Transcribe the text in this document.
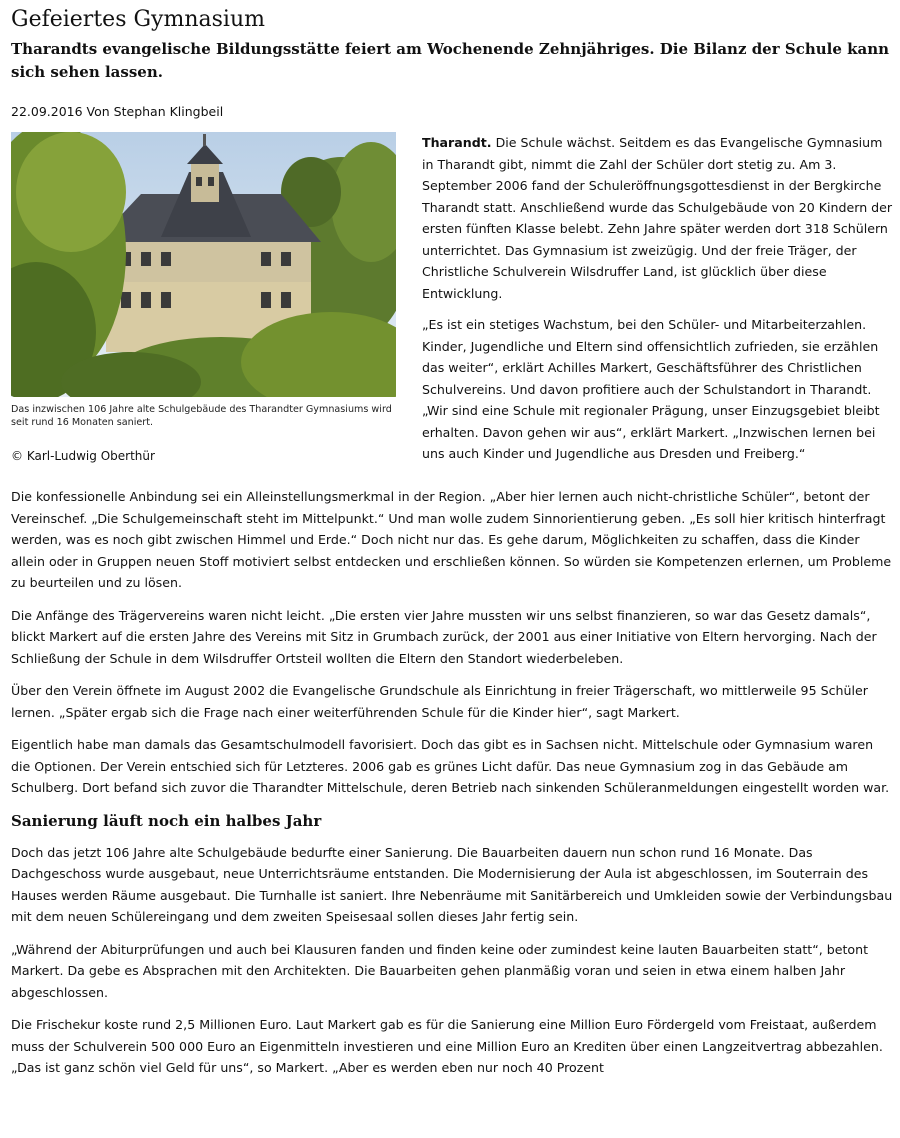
Gefeiertes Gymnasium
Tharandts evangelische Bildungsstätte feiert am Wochenende Zehnjähriges. Die Bilanz der Schule kann sich sehen lassen.
22.09.2016 Von Stephan Klingbeil
Das inzwischen 106 Jahre alte Schulgebäude des Tharandter Gymnasiums wird seit rund 16 Monaten saniert.
© Karl-Ludwig Oberthür

Tharandt. Die Schule wächst. Seitdem es das Evangelische Gymnasium in Tharandt gibt, nimmt die Zahl der Schüler dort stetig zu. Am 3. September 2006 fand der Schuleröffnungsgottesdienst in der Bergkirche Tharandt statt. Anschließend wurde das Schulgebäude von 20 Kindern der ersten fünften Klasse belebt. Zehn Jahre später werden dort 318 Schülern unterrichtet. Das Gymnasium ist zweizügig. Und der freie Träger, der Christliche Schulverein Wilsdruffer Land, ist glücklich über diese Entwicklung.

„Es ist ein stetiges Wachstum, bei den Schüler- und Mitarbeiterzahlen. Kinder, Jugendliche und Eltern sind offensichtlich zufrieden, sie erzählen das weiter“, erklärt Achilles Markert, Geschäftsführer des Christlichen Schulvereins. Und davon profitiere auch der Schulstandort in Tharandt. „Wir sind eine Schule mit regionaler Prägung, unser Einzugsgebiet bleibt erhalten. Davon gehen wir aus“, erklärt Markert. „Inzwischen lernen bei uns auch Kinder und Jugendliche aus Dresden und Freiberg.“

Die konfessionelle Anbindung sei ein Alleinstellungsmerkmal in der Region. „Aber hier lernen auch nicht-christliche Schüler“, betont der Vereinschef. „Die Schulgemeinschaft steht im Mittelpunkt.“ Und man wolle zudem Sinnorientierung geben. „Es soll hier kritisch hinterfragt werden, was es noch gibt zwischen Himmel und Erde.“ Doch nicht nur das. Es gehe darum, Möglichkeiten zu schaffen, dass die Kinder allein oder in Gruppen neuen Stoff motiviert selbst entdecken und erschließen können. So würden sie Kompetenzen erlernen, um Probleme zu beurteilen und zu lösen.

Die Anfänge des Trägervereins waren nicht leicht. „Die ersten vier Jahre mussten wir uns selbst finanzieren, so war das Gesetz damals“, blickt Markert auf die ersten Jahre des Vereins mit Sitz in Grumbach zurück, der 2001 aus einer Initiative von Eltern hervorging. Nach der Schließung der Schule in dem Wilsdruffer Ortsteil wollten die Eltern den Standort wiederbeleben.

Über den Verein öffnete im August 2002 die Evangelische Grundschule als Einrichtung in freier Trägerschaft, wo mittlerweile 95 Schüler lernen. „Später ergab sich die Frage nach einer weiterführenden Schule für die Kinder hier“, sagt Markert.

Eigentlich habe man damals das Gesamtschulmodell favorisiert. Doch das gibt es in Sachsen nicht. Mittelschule oder Gymnasium waren die Optionen. Der Verein entschied sich für Letzteres. 2006 gab es grünes Licht dafür. Das neue Gymnasium zog in das Gebäude am Schulberg. Dort befand sich zuvor die Tharandter Mittelschule, deren Betrieb nach sinkenden Schüleranmeldungen eingestellt worden war.

Sanierung läuft noch ein halbes Jahr

Doch das jetzt 106 Jahre alte Schulgebäude bedurfte einer Sanierung. Die Bauarbeiten dauern nun schon rund 16 Monate. Das Dachgeschoss wurde ausgebaut, neue Unterrichtsräume entstanden. Die Modernisierung der Aula ist abgeschlossen, im Souterrain des Hauses werden Räume ausgebaut. Die Turnhalle ist saniert. Ihre Nebenräume mit Sanitärbereich und Umkleiden sowie der Verbindungsbau mit dem neuen Schülereingang und dem zweiten Speisesaal sollen dieses Jahr fertig sein.

„Während der Abiturprüfungen und auch bei Klausuren fanden und finden keine oder zumindest keine lauten Bauarbeiten statt“, betont Markert. Da gebe es Absprachen mit den Architekten. Die Bauarbeiten gehen planmäßig voran und seien in etwa einem halben Jahr abgeschlossen.

Die Frischekur koste rund 2,5 Millionen Euro. Laut Markert gab es für die Sanierung eine Million Euro Fördergeld vom Freistaat, außerdem muss der Schulverein 500 000 Euro an Eigenmitteln investieren und eine Million Euro an Krediten über einen Langzeitvertrag abbezahlen. „Das ist ganz schön viel Geld für uns“, so Markert. „Aber es werden eben nur noch 40 Prozent
